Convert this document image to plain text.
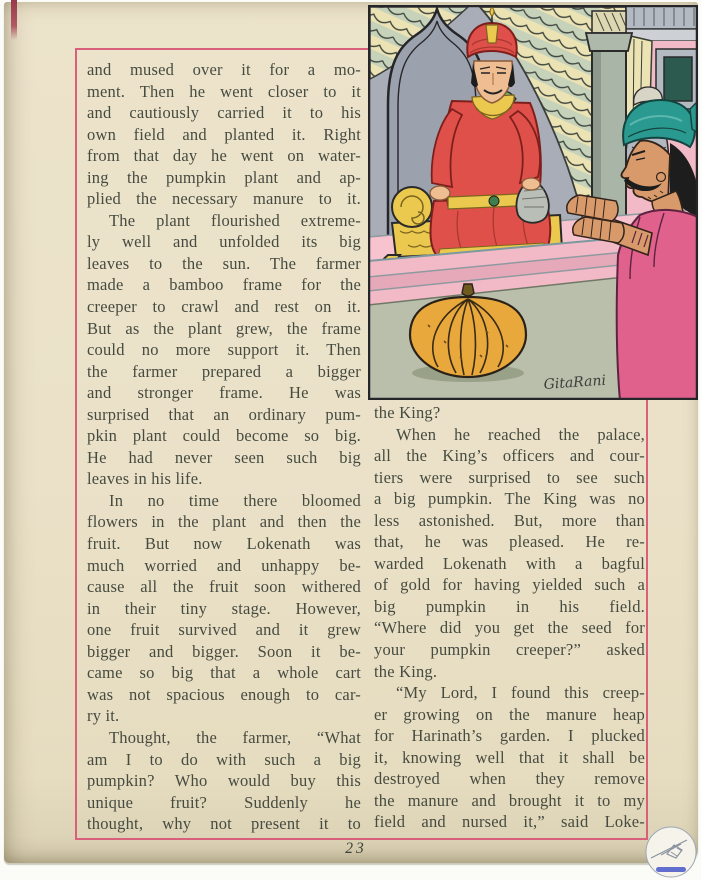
and mused over it for a mo-
ment. Then he went closer to it
and cautiously carried it to his
own field and planted it. Right
from that day he went on water-
ing the pumpkin plant and ap-
plied the necessary manure to it.
The plant flourished extreme-
ly well and unfolded its big
leaves to the sun. The farmer
made a bamboo frame for the
creeper to crawl and rest on it.
But as the plant grew, the frame
could no more support it. Then
the farmer prepared a bigger
and stronger frame. He was
surprised that an ordinary pum-
pkin plant could become so big.
He had never seen such big
leaves in his life.
In no time there bloomed
flowers in the plant and then the
fruit. But now Lokenath was
much worried and unhappy be-
cause all the fruit soon withered
in their tiny stage. However,
one fruit survived and it grew
bigger and bigger. Soon it be-
came so big that a whole cart
was not spacious enough to car-
ry it.
Thought, the farmer, “What
am I to do with such a big
pumpkin? Who would buy this
unique fruit? Suddenly he
thought, why not present it to
the King?
When he reached the palace,
all the King’s officers and cour-
tiers were surprised to see such
a big pumpkin. The King was no
less astonished. But, more than
that, he was pleased. He re-
warded Lokenath with a bagful
of gold for having yielded such a
big pumpkin in his field.
“Where did you get the seed for
your pumpkin creeper?” asked
the King.
“My Lord, I found this creep-
er growing on the manure heap
for Harinath’s garden. I plucked
it, knowing well that it shall be
destroyed when they remove
the manure and brought it to my
field and nursed it,” said Loke-
GitaRani
23
